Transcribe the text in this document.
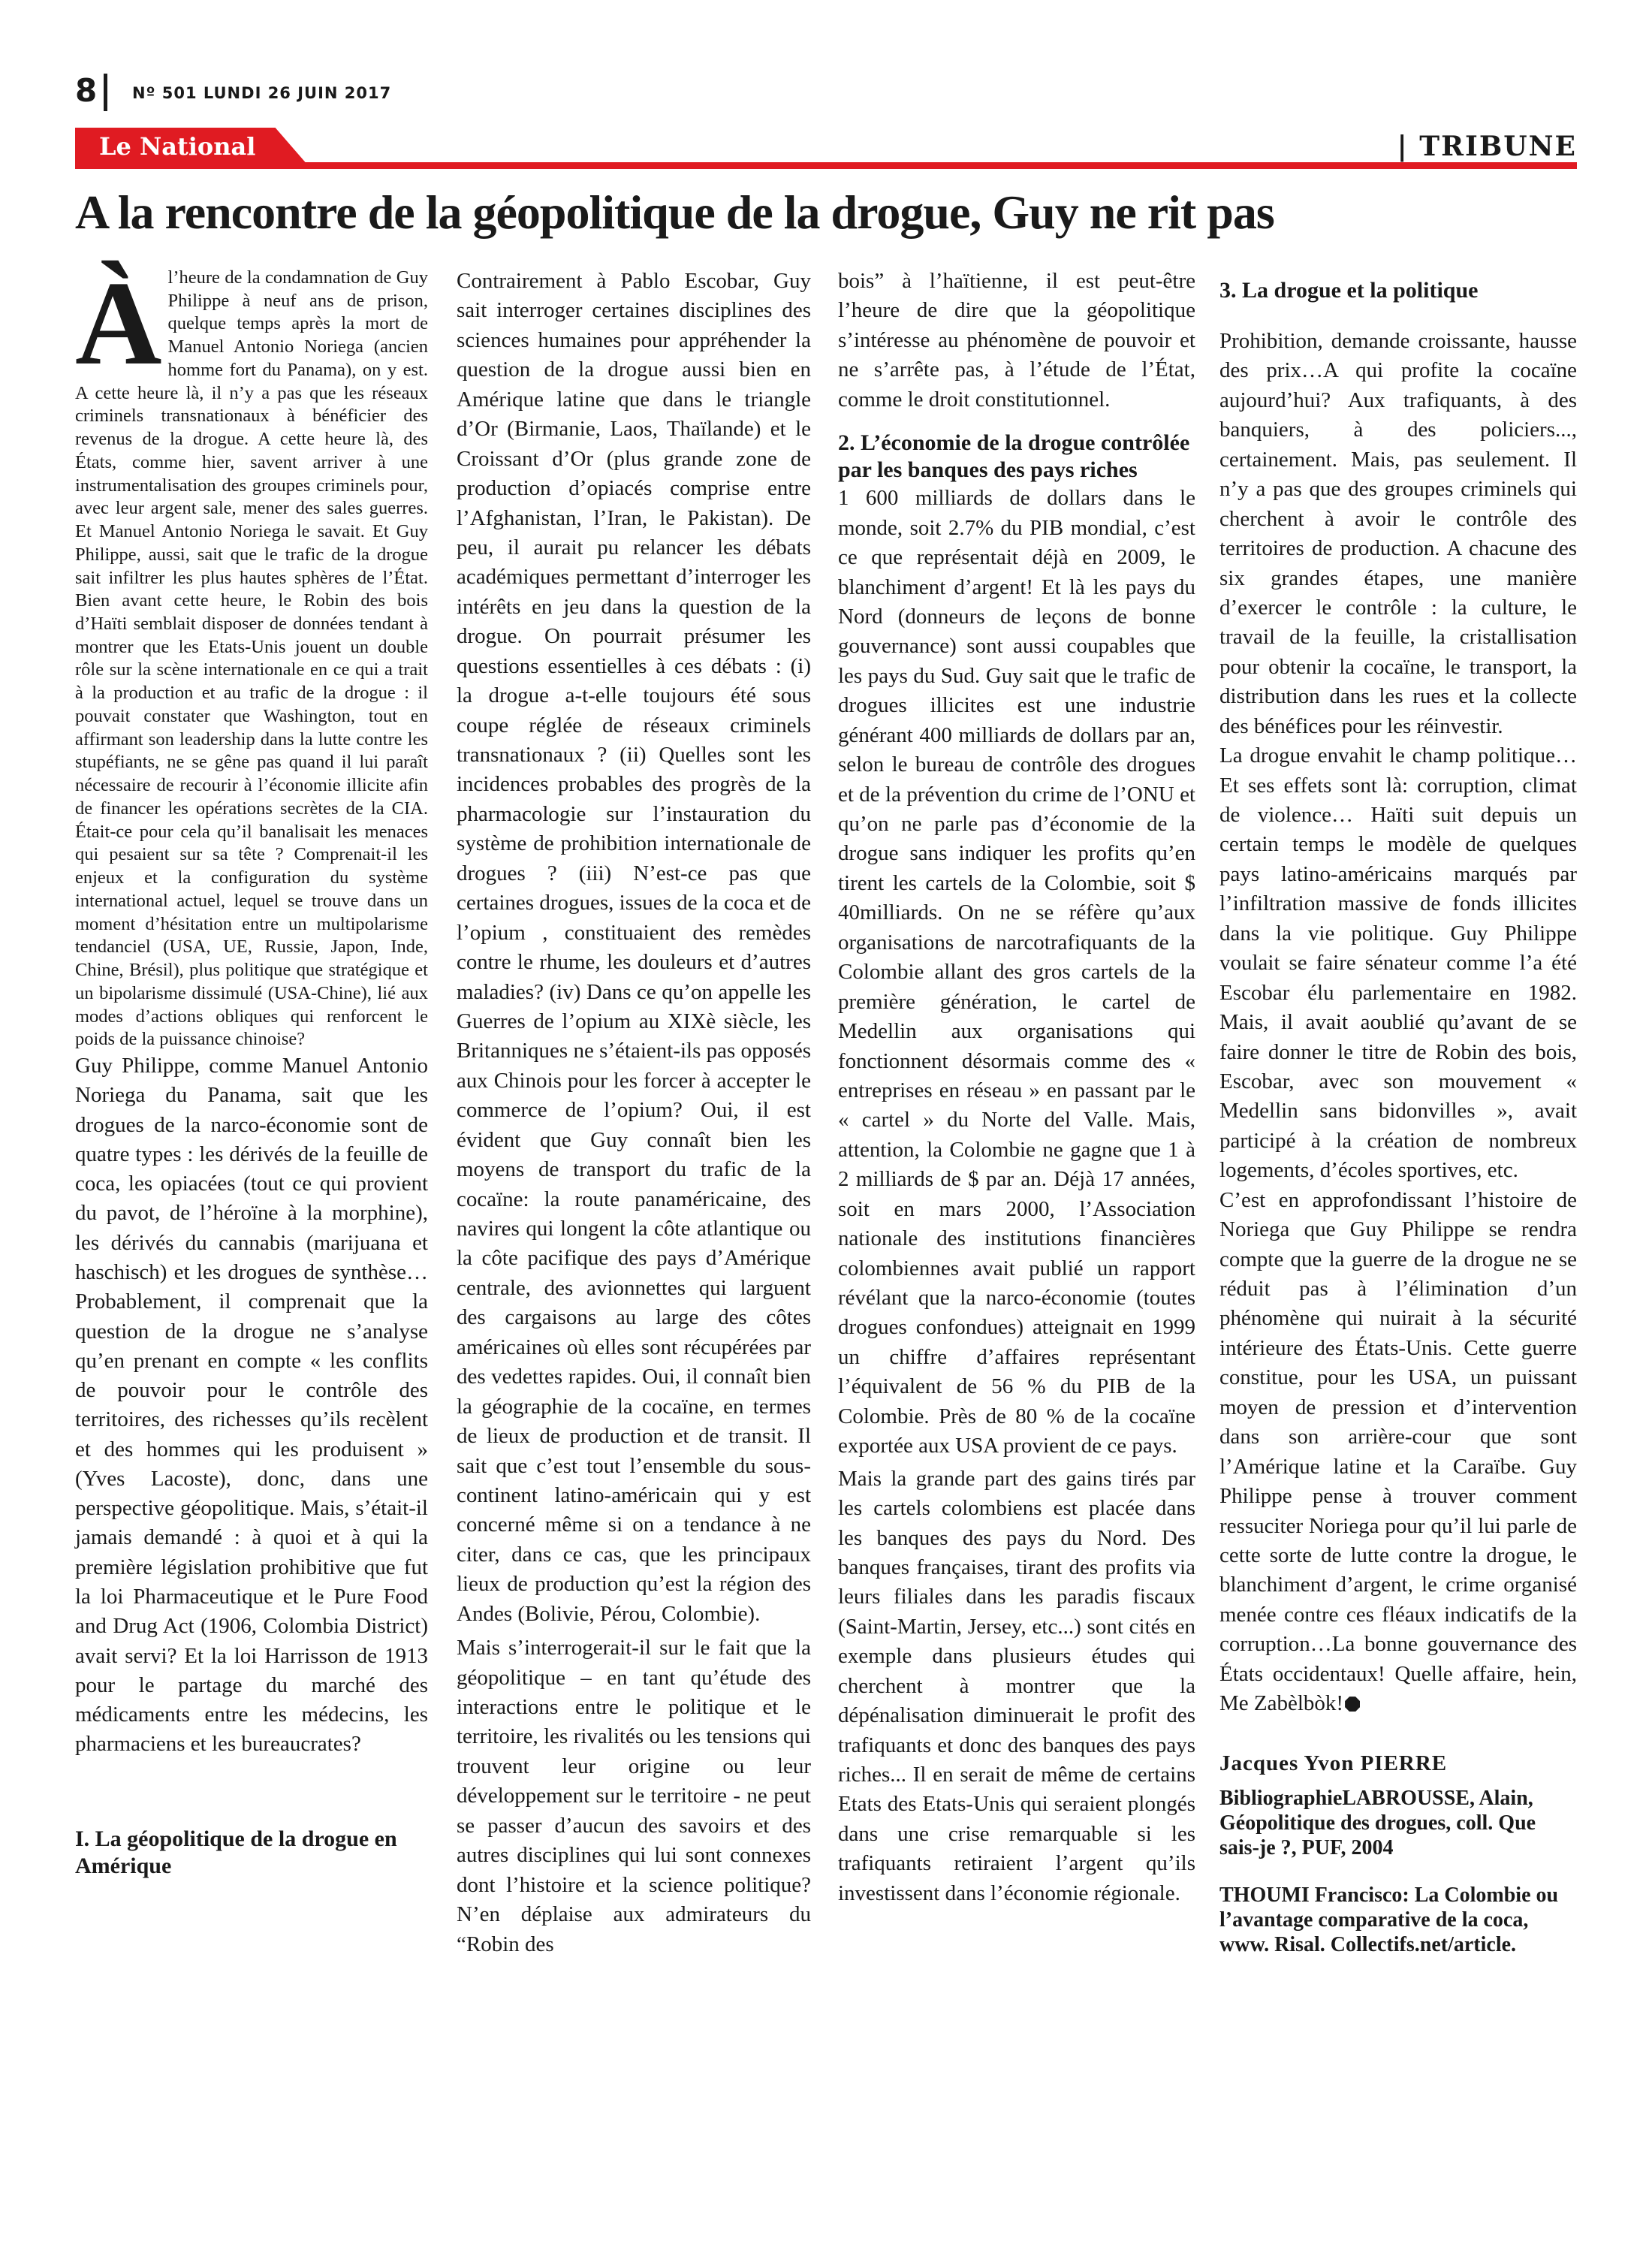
8 Nº 501 LUNDI 26 JUIN 2017
Le National	| TRIBUNE
A la rencontre de la géopolitique de la drogue, Guy ne rit pas

Àl’heure de la condamnation de Guy Philippe à neuf ans de prison, quelque temps après la mort de Manuel Antonio Noriega (ancien homme fort du Panama), on y est. A cette heure là, il n’y a pas que les réseaux criminels transnationaux à bénéficier des revenus de la drogue. A cette heure là, des États, comme hier, savent arriver à une instrumentalisation des groupes criminels pour, avec leur argent sale, mener des sales guerres. Et Manuel Antonio Noriega le savait. Et Guy Philippe, aussi, sait que le trafic de la drogue sait infiltrer les plus hautes sphères de l’État. Bien avant cette heure, le Robin des bois d’Haïti semblait disposer de données tendant à montrer que les Etats-Unis jouent un double rôle sur la scène internationale en ce qui a trait à la production et au trafic de la drogue : il pouvait constater que Washington, tout en affirmant son leadership dans la lutte contre les stupéfiants, ne se gêne pas quand il lui paraît nécessaire de recourir à l’économie illicite afin de financer les opérations secrètes de la CIA. Était-ce pour cela qu’il banalisait les menaces qui pesaient sur sa tête ? Comprenait-il les enjeux et la configuration du système international actuel, lequel se trouve dans un moment d’hésitation entre un multipolarisme tendanciel (USA, UE, Russie, Japon, Inde, Chine, Brésil), plus politique que stratégique et un bipolarisme dissimulé (USA-Chine), lié aux modes d’actions obliques qui renforcent le poids de la puissance chinoise?

Guy Philippe, comme Manuel Antonio Noriega du Panama, sait que les drogues de la narco-économie sont de quatre types : les dérivés de la feuille de coca, les opiacées (tout ce qui provient du pavot, de l’héroïne à la morphine), les dérivés du cannabis (marijuana et haschisch) et les drogues de synthèse…Probablement, il comprenait que la question de la drogue ne s’analyse qu’en prenant en compte « les conflits de pouvoir pour le contrôle des territoires, des richesses qu’ils recèlent et des hommes qui les produisent » (Yves Lacoste), donc, dans une perspective géopolitique. Mais, s’était-il jamais demandé : à quoi et à qui la première législation prohibitive que fut la loi Pharmaceutique et le Pure Food and Drug Act (1906, Colombia District) avait servi? Et la loi Harrisson de 1913 pour le partage du marché des médicaments entre les médecins, les pharmaciens et les bureaucrates?

I. La géopolitique de la drogue en Amérique

Contrairement à Pablo Escobar, Guy sait interroger certaines disciplines des sciences humaines pour appréhender la question de la drogue aussi bien en Amérique latine que dans le triangle d’Or (Birmanie, Laos, Thaïlande) et le Croissant d’Or (plus grande zone de production d’opiacés comprise entre l’Afghanistan, l’Iran, le Pakistan). De peu, il aurait pu relancer les débats académiques permettant d’interroger les intérêts en jeu dans la question de la drogue. On pourrait présumer les questions essentielles à ces débats : (i) la drogue a-t-elle toujours été sous coupe réglée de réseaux criminels transnationaux ? (ii) Quelles sont les incidences probables des progrès de la pharmacologie sur l’instauration du système de prohibition internationale de drogues ? (iii) N’est-ce pas que certaines drogues, issues de la coca et de l’opium , constituaient des remèdes contre le rhume, les douleurs et d’autres maladies? (iv) Dans ce qu’on appelle les Guerres de l’opium au XIXè siècle, les Britanniques ne s’étaient-ils pas opposés aux Chinois pour les forcer à accepter le commerce de l’opium? Oui, il est évident que Guy connaît bien les moyens de transport du trafic de la cocaïne: la route panaméricaine, des navires qui longent la côte atlantique ou la côte pacifique des pays d’Amérique centrale, des avionnettes qui larguent des cargaisons au large des côtes américaines où elles sont récupérées par des vedettes rapides. Oui, il connaît bien la géographie de la cocaïne, en termes de lieux de production et de transit. Il sait que c’est tout l’ensemble du sous-continent latino-américain qui y est concerné même si on a tendance à ne citer, dans ce cas, que les principaux lieux de production qu’est la région des Andes (Bolivie, Pérou, Colombie).

Mais s’interrogerait-il sur le fait que la géopolitique – en tant qu’étude des interactions entre le politique et le territoire, les rivalités ou les tensions qui trouvent leur origine ou leur développement sur le territoire - ne peut se passer d’aucun des savoirs et des autres disciplines qui lui sont connexes dont l’histoire et la science politique? N’en déplaise aux admirateurs du “Robin des

bois” à l’haïtienne, il est peut-être l’heure de dire que la géopolitique s’intéresse au phénomène de pouvoir et ne s’arrête pas, à l’étude de l’État, comme le droit constitutionnel.

2. L’économie de la drogue contrôlée par les banques des pays riches

1 600 milliards de dollars dans le monde, soit 2.7% du PIB mondial, c’est ce que représentait déjà en 2009, le blanchiment d’argent! Et là les pays du Nord (donneurs de leçons de bonne gouvernance) sont aussi coupables que les pays du Sud. Guy sait que le trafic de drogues illicites est une industrie générant 400 milliards de dollars par an, selon le bureau de contrôle des drogues et de la prévention du crime de l’ONU et qu’on ne parle pas d’économie de la drogue sans indiquer les profits qu’en tirent les cartels de la Colombie, soit $ 40milliards. On ne se réfère qu’aux organisations de narcotrafiquants de la Colombie allant des gros cartels de la première génération, le cartel de Medellin aux organisations qui fonctionnent désormais comme des « entreprises en réseau » en passant par le « cartel » du Norte del Valle. Mais, attention, la Colombie ne gagne que 1 à 2 milliards de $ par an. Déjà 17 années, soit en mars 2000, l’Association nationale des institutions financières colombiennes avait publié un rapport révélant que la narco-économie (toutes drogues confondues) atteignait en 1999 un chiffre d’affaires représentant l’équivalent de 56 % du PIB de la Colombie. Près de 80 % de la cocaïne exportée aux USA provient de ce pays.

Mais la grande part des gains tirés par les cartels colombiens est placée dans les banques des pays du Nord. Des banques françaises, tirant des profits via leurs filiales dans les paradis fiscaux (Saint-Martin, Jersey, etc...) sont cités en exemple dans plusieurs études qui cherchent à montrer que la dépénalisation diminuerait le profit des trafiquants et donc des banques des pays riches... Il en serait de même de certains Etats des Etats-Unis qui seraient plongés dans une crise remarquable si les trafiquants retiraient l’argent qu’ils investissent dans l’économie régionale.

3. La drogue et la politique

Prohibition, demande croissante, hausse des prix…A qui profite la cocaïne aujourd’hui? Aux trafiquants, à des banquiers, à des policiers..., certainement. Mais, pas seulement. Il n’y a pas que des groupes criminels qui cherchent à avoir le contrôle des territoires de production. A chacune des six grandes étapes, une manière d’exercer le contrôle : la culture, le travail de la feuille, la cristallisation pour obtenir la cocaïne, le transport, la distribution dans les rues et la collecte des bénéfices pour les réinvestir.

La drogue envahit le champ politique…Et ses effets sont là: corruption, climat de violence… Haïti suit depuis un certain temps le modèle de quelques pays latino-américains marqués par l’infiltration massive de fonds illicites dans la vie politique. Guy Philippe voulait se faire sénateur comme l’a été Escobar élu parlementaire en 1982. Mais, il avait aoublié qu’avant de se faire donner le titre de Robin des bois, Escobar, avec son mouvement « Medellin sans bidonvilles », avait participé à la création de nombreux logements, d’écoles sportives, etc.

C’est en approfondissant l’histoire de Noriega que Guy Philippe se rendra compte que la guerre de la drogue ne se réduit pas à l’élimination d’un phénomène qui nuirait à la sécurité intérieure des États-Unis. Cette guerre constitue, pour les USA, un puissant moyen de pression et d’intervention dans son arrière-cour que sont l’Amérique latine et la Caraïbe. Guy Philippe pense à trouver comment ressuciter Noriega pour qu’il lui parle de cette sorte de lutte contre la drogue, le blanchiment d’argent, le crime organisé menée contre ces fléaux indicatifs de la corruption…La bonne gouvernance des États occidentaux! Quelle affaire, hein, Me Zabèlbòk!

Jacques Yvon PIERRE

BibliographieLABROUSSE, Alain, Géopolitique des drogues, coll. Que sais-je ?, PUF, 2004

THOUMI Francisco: La Colombie ou l’avantage comparative de la coca, www. Risal. Collectifs.net/article.
